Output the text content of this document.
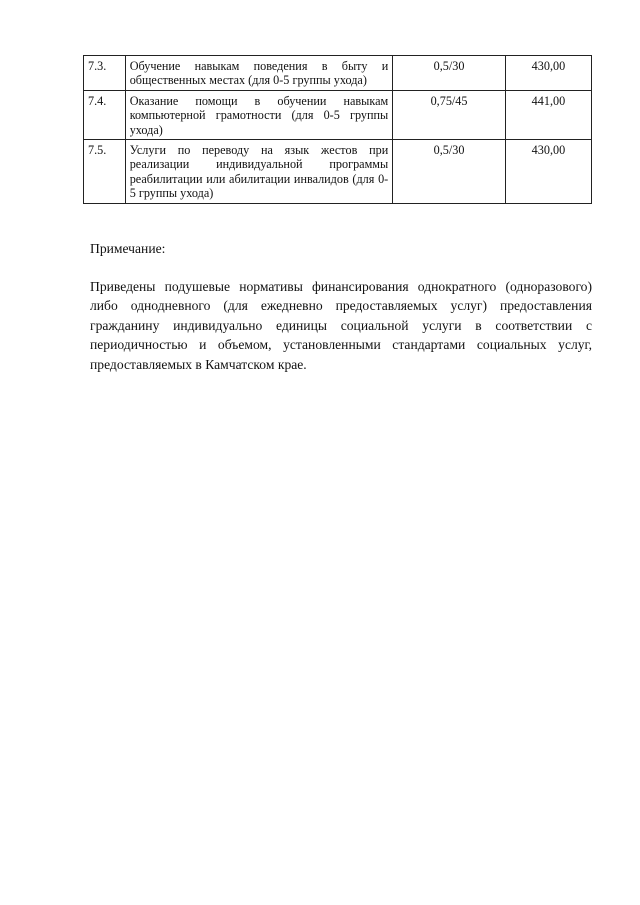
7.3.	Обучение навыкам поведения в быту и общественных местах (для 0-5 группы ухода)	0,5/30	430,00
7.4.	Оказание помощи в обучении навыкам компьютерной грамотности (для 0-5 группы ухода)	0,75/45	441,00
7.5.	Услуги по переводу на язык жестов при реализации индивидуальной программы реабилитации или абилитации инвалидов (для 0-5 группы ухода)	0,5/30	430,00
Примечание:

Приведены подушевые нормативы финансирования однократного (одноразового) либо однодневного (для ежедневно предоставляемых услуг) предоставления гражданину индивидуально единицы социальной услуги в соответствии с периодичностью и объемом, установленными стандартами социальных услуг, предоставляемых в Камчатском крае.
